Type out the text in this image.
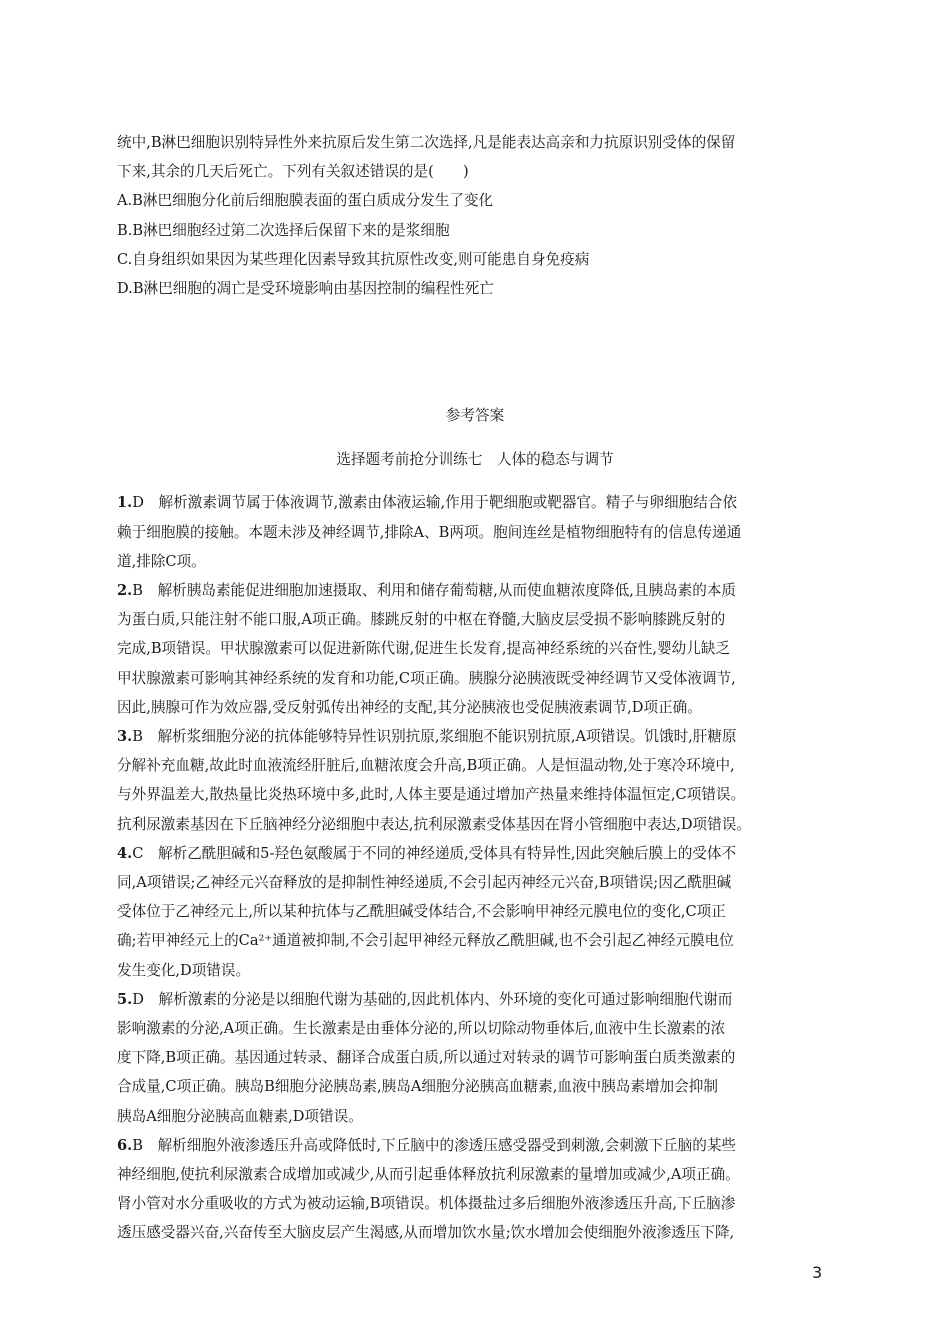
统中,B淋巴细胞识别特异性外来抗原后发生第二次选择,凡是能表达高亲和力抗原识别受体的保留

下来,其余的几天后死亡。下列有关叙述错误的是(　　)

A.B淋巴细胞分化前后细胞膜表面的蛋白质成分发生了变化

B.B淋巴细胞经过第二次选择后保留下来的是浆细胞

C.自身组织如果因为某些理化因素导致其抗原性改变,则可能患自身免疫病

D.B淋巴细胞的凋亡是受环境影响由基因控制的编程性死亡

参考答案

选择题考前抢分训练七　人体的稳态与调节

1.D　解析激素调节属于体液调节,激素由体液运输,作用于靶细胞或靶器官。精子与卵细胞结合依

赖于细胞膜的接触。本题未涉及神经调节,排除A、B两项。胞间连丝是植物细胞特有的信息传递通

道,排除C项。

2.B　解析胰岛素能促进细胞加速摄取、利用和储存葡萄糖,从而使血糖浓度降低,且胰岛素的本质

为蛋白质,只能注射不能口服,A项正确。膝跳反射的中枢在脊髓,大脑皮层受损不影响膝跳反射的

完成,B项错误。甲状腺激素可以促进新陈代谢,促进生长发育,提高神经系统的兴奋性,婴幼儿缺乏

甲状腺激素可影响其神经系统的发育和功能,C项正确。胰腺分泌胰液既受神经调节又受体液调节,

因此,胰腺可作为效应器,受反射弧传出神经的支配,其分泌胰液也受促胰液素调节,D项正确。

3.B　解析浆细胞分泌的抗体能够特异性识别抗原,浆细胞不能识别抗原,A项错误。饥饿时,肝糖原

分解补充血糖,故此时血液流经肝脏后,血糖浓度会升高,B项正确。人是恒温动物,处于寒冷环境中,

与外界温差大,散热量比炎热环境中多,此时,人体主要是通过增加产热量来维持体温恒定,C项错误。

抗利尿激素基因在下丘脑神经分泌细胞中表达,抗利尿激素受体基因在肾小管细胞中表达,D项错误。

4.C　解析乙酰胆碱和5-羟色氨酸属于不同的神经递质,受体具有特异性,因此突触后膜上的受体不

同,A项错误;乙神经元兴奋释放的是抑制性神经递质,不会引起丙神经元兴奋,B项错误;因乙酰胆碱

受体位于乙神经元上,所以某种抗体与乙酰胆碱受体结合,不会影响甲神经元膜电位的变化,C项正

确;若甲神经元上的Ca²⁺通道被抑制,不会引起甲神经元释放乙酰胆碱,也不会引起乙神经元膜电位

发生变化,D项错误。

5.D　解析激素的分泌是以细胞代谢为基础的,因此机体内、外环境的变化可通过影响细胞代谢而

影响激素的分泌,A项正确。生长激素是由垂体分泌的,所以切除动物垂体后,血液中生长激素的浓

度下降,B项正确。基因通过转录、翻译合成蛋白质,所以通过对转录的调节可影响蛋白质类激素的

合成量,C项正确。胰岛B细胞分泌胰岛素,胰岛A细胞分泌胰高血糖素,血液中胰岛素增加会抑制

胰岛A细胞分泌胰高血糖素,D项错误。

6.B　解析细胞外液渗透压升高或降低时,下丘脑中的渗透压感受器受到刺激,会刺激下丘脑的某些

神经细胞,使抗利尿激素合成增加或减少,从而引起垂体释放抗利尿激素的量增加或减少,A项正确。

肾小管对水分重吸收的方式为被动运输,B项错误。机体摄盐过多后细胞外液渗透压升高,下丘脑渗

透压感受器兴奋,兴奋传至大脑皮层产生渴感,从而增加饮水量;饮水增加会使细胞外液渗透压下降,

3
